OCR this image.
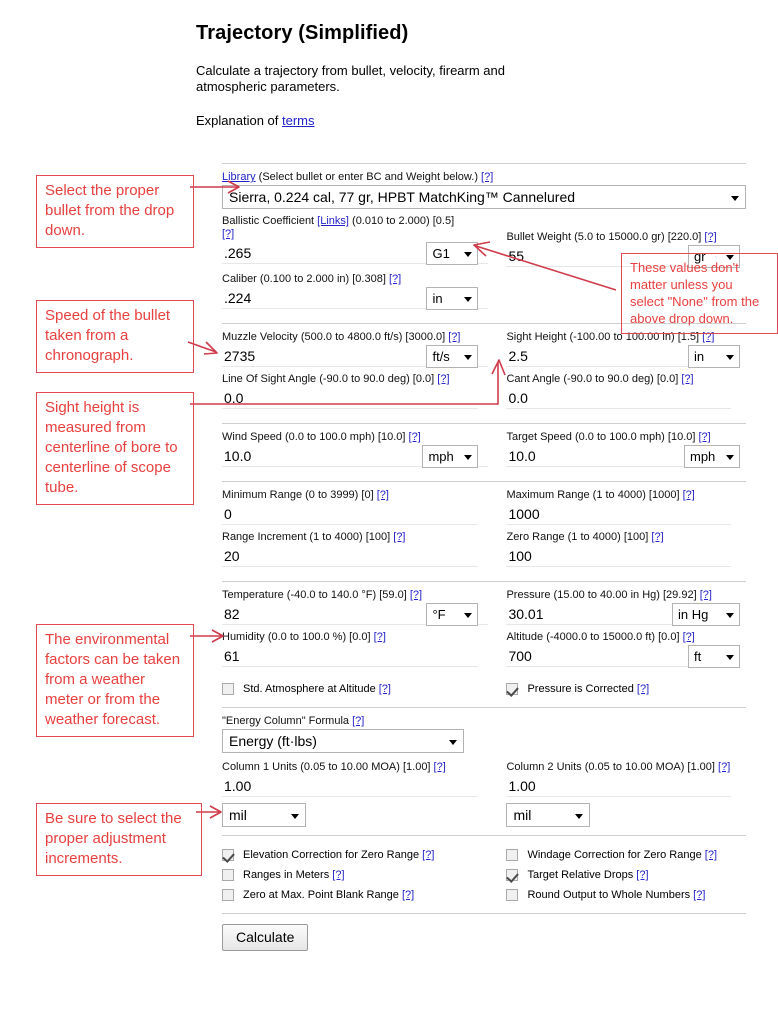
Trajectory (Simplified)

Calculate a trajectory from bullet, velocity, firearm and atmospheric parameters.

Explanation of terms

Library (Select bullet or enter BC and Weight below.) [?]
Sierra, 0.224 cal, 77 gr, HPBT MatchKing™ Cannelured
Ballistic Coefficient [Links] (0.010 to 2.000) [0.5]
[?]
.265
G1
Bullet Weight (5.0 to 15000.0 gr) [220.0] [?]
55
gr
Caliber (0.100 to 2.000 in) [0.308] [?]
.224
in
Muzzle Velocity (500.0 to 4800.0 ft/s) [3000.0] [?]
2735
ft/s
Sight Height (-100.00 to 100.00 in) [1.5] [?]
2.5
in
Line Of Sight Angle (-90.0 to 90.0 deg) [0.0] [?]
0.0	Cant Angle (-90.0 to 90.0 deg) [0.0] [?]
0.0
Wind Speed (0.0 to 100.0 mph) [10.0] [?]
10.0
mph
Target Speed (0.0 to 100.0 mph) [10.0] [?]
10.0
mph
Minimum Range (0 to 3999) [0] [?]
0	Maximum Range (1 to 4000) [1000] [?]
1000
Range Increment (1 to 4000) [100] [?]
20	Zero Range (1 to 4000) [100] [?]
100
Temperature (-40.0 to 140.0 °F) [59.0] [?]
82
°F
Pressure (15.00 to 40.00 in Hg) [29.92] [?]
30.01
in Hg
Humidity (0.0 to 100.0 %) [0.0] [?]
61	Altitude (-4000.0 to 15000.0 ft) [0.0] [?]
700
ft
Std. Atmosphere at Altitude [?]	Pressure is Corrected [?]
"Energy Column" Formula [?]
Energy (ft·lbs)
Column 1 Units (0.05 to 10.00 MOA) [1.00] [?]
1.00
mil
Column 2 Units (0.05 to 10.00 MOA) [1.00] [?]
1.00
mil
Elevation Correction for Zero Range [?]	Windage Correction for Zero Range [?]
Ranges in Meters [?]	Target Relative Drops [?]
Zero at Max. Point Blank Range [?]	Round Output to Whole Numbers [?]
Calculate
Select the proper bullet from the drop down.
Speed of the bullet taken from a chronograph.
Sight height is measured from centerline of bore to centerline of scope tube.
The environmental factors can be taken from a weather meter or from the weather forecast.
Be sure to select the proper adjustment increments.
These values don't matter unless you select "None" from the above drop down.
